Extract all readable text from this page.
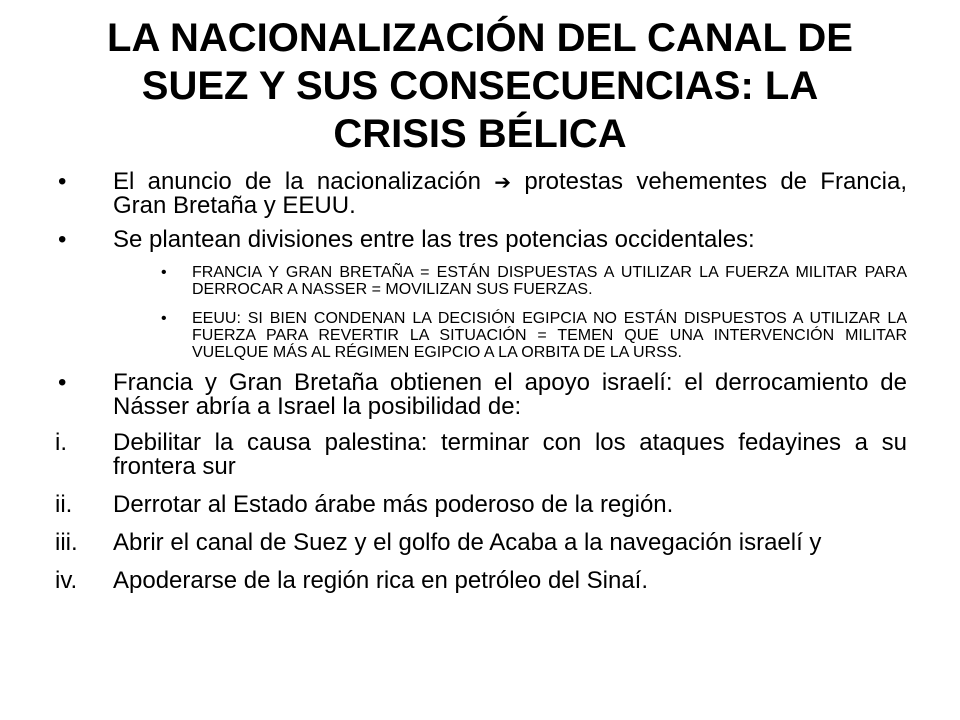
LA NACIONALIZACIÓN DEL CANAL DE SUEZ Y SUS CONSECUENCIAS: LA CRISIS BÉLICA
• El anuncio de la nacionalización ➔ protestas vehementes de Francia, Gran Bretaña y EEUU.
• Se plantean divisiones entre las tres potencias occidentales:
• FRANCIA Y GRAN BRETAÑA = ESTÁN DISPUESTAS A UTILIZAR LA FUERZA MILITAR PARA DERROCAR A NASSER = MOVILIZAN SUS FUERZAS.
• EEUU: SI BIEN CONDENAN LA DECISIÓN EGIPCIA NO ESTÁN DISPUESTOS A UTILIZAR LA FUERZA PARA REVERTIR LA SITUACIÓN = TEMEN QUE UNA INTERVENCIÓN MILITAR VUELQUE MÁS AL RÉGIMEN EGIPCIO A LA ORBITA DE LA URSS.
• Francia y Gran Bretaña obtienen el apoyo israelí: el derrocamiento de Násser abría a Israel la posibilidad de:
i. Debilitar la causa palestina: terminar con los ataques fedayines a su frontera sur
ii. Derrotar al Estado árabe más poderoso de la región.
iii. Abrir el canal de Suez y el golfo de Acaba a la navegación israelí y
iv. Apoderarse de la región rica en petróleo del Sinaí.
